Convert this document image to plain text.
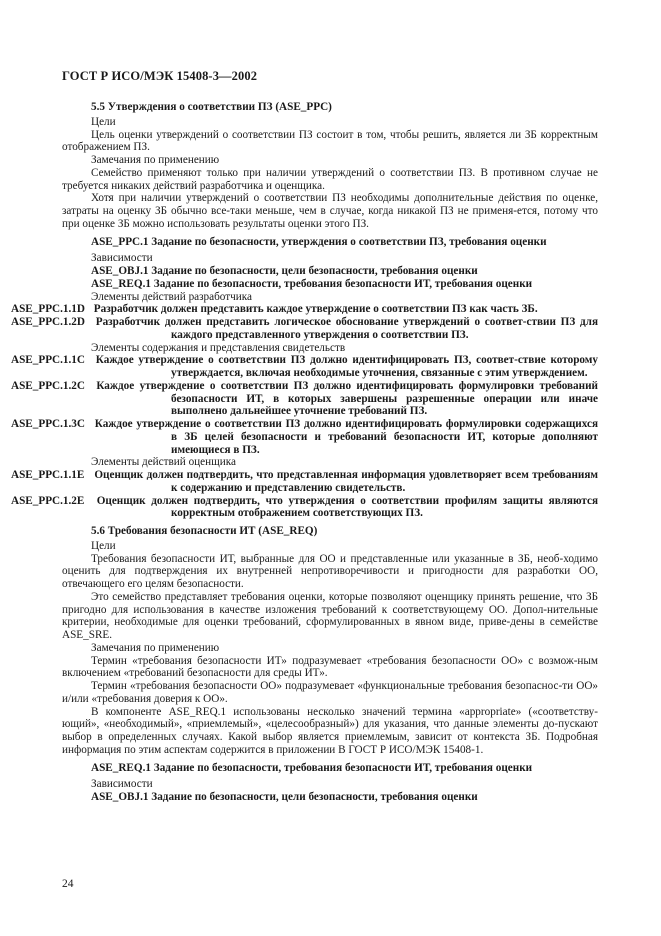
ГОСТ Р ИСО/МЭК 15408-3—2002

5.5 Утверждения о соответствии ПЗ (ASE_PPC)

Цели

Цель оценки утверждений о соответствии ПЗ состоит в том, чтобы решить, является ли ЗБ корректным отображением ПЗ.

Замечания по применению

Семейство применяют только при наличии утверждений о соответствии ПЗ. В противном случае не требуется никаких действий разработчика и оценщика.

Хотя при наличии утверждений о соответствии ПЗ необходимы дополнительные действия по оценке, затраты на оценку ЗБ обычно все-таки меньше, чем в случае, когда никакой ПЗ не применя-ется, потому что при оценке ЗБ можно использовать результаты оценки этого ПЗ.

ASE_PPC.1 Задание по безопасности, утверждения о соответствии ПЗ, требования оценки

Зависимости

ASE_OBJ.1 Задание по безопасности, цели безопасности, требования оценки

ASE_REQ.1 Задание по безопасности, требования безопасности ИТ, требования оценки

Элементы действий разработчика

ASE_PPC.1.1D Разработчик должен представить каждое утверждение о соответствии ПЗ как часть ЗБ.

ASE_PPC.1.2D Разработчик должен представить логическое обоснование утверждений о соответ-ствии ПЗ для каждого представленного утверждения о соответствии ПЗ.

Элементы содержания и представления свидетельств

ASE_PPC.1.1C Каждое утверждение о соответствии ПЗ должно идентифицировать ПЗ, соответ-ствие которому утверждается, включая необходимые уточнения, связанные с этим утверждением.

ASE_PPC.1.2C Каждое утверждение о соответствии ПЗ должно идентифицировать формулировки требований безопасности ИТ, в которых завершены разрешенные операции или иначе выполнено дальнейшее уточнение требований ПЗ.

ASE_PPC.1.3C Каждое утверждение о соответствии ПЗ должно идентифицировать формулировки содержащихся в ЗБ целей безопасности и требований безопасности ИТ, которые дополняют имеющиеся в ПЗ.

Элементы действий оценщика

ASE_PPC.1.1E Оценщик должен подтвердить, что представленная информация удовлетворяет всем требованиям к содержанию и представлению свидетельств.

ASE_PPC.1.2E Оценщик должен подтвердить, что утверждения о соответствии профилям защиты являются корректным отображением соответствующих ПЗ.

5.6 Требования безопасности ИТ (ASE_REQ)

Цели

Требования безопасности ИТ, выбранные для ОО и представленные или указанные в ЗБ, необ-ходимо оценить для подтверждения их внутренней непротиворечивости и пригодности для разработки ОО, отвечающего его целям безопасности.

Это семейство представляет требования оценки, которые позволяют оценщику принять решение, что ЗБ пригодно для использования в качестве изложения требований к соответствующему ОО. Допол-нительные критерии, необходимые для оценки требований, сформулированных в явном виде, приве-дены в семействе ASE_SRE.

Замечания по применению

Термин «требования безопасности ИТ» подразумевает «требования безопасности ОО» с возмож-ным включением «требований безопасности для среды ИТ».

Термин «требования безопасности ОО» подразумевает «функциональные требования безопаснос-ти ОО» и/или «требования доверия к ОО».

В компоненте ASE_REQ.1 использованы несколько значений термина «appropriate» («соответству-ющий», «необходимый», «приемлемый», «целесообразный») для указания, что данные элементы до-пускают выбор в определенных случаях. Какой выбор является приемлемым, зависит от контекста ЗБ. Подробная информация по этим аспектам содержится в приложении В ГОСТ Р ИСО/МЭК 15408-1.

ASE_REQ.1 Задание по безопасности, требования безопасности ИТ, требования оценки

Зависимости

ASE_OBJ.1 Задание по безопасности, цели безопасности, требования оценки

24
